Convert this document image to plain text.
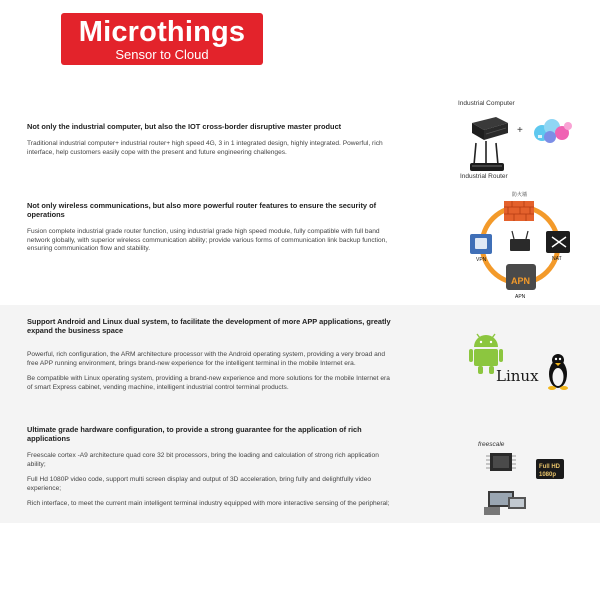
Microthings
Sensor to Cloud
Not only the industrial computer, but also the IOT cross-border disruptive master product
Traditional industrial computer+ industrial router+ high speed 4G, 3 in 1 integrated design, highly integrated. Powerful, rich interface, help customers easily cope with the present and future engineering challenges.
Industrial Computer
+
Industrial Router
Not only wireless communications, but also more powerful router features to ensure the security of operations
Fusion complete industrial grade router function, using industrial grade high speed module, fully compatible with full band network globally, with superior wireless communication ability; provide various forms of communication link backup function, ensuring communication flow and stability.
防火墙
VPN	NAT
APN
APN
Support Android and Linux dual system, to facilitate the development of more APP applications, greatly expand the business space
Powerful, rich configuration, the ARM architecture processor with the Android operating system, providing a very broad and free APP running environment, brings brand-new experience for the intelligent terminal in the mobile Internet era.
Be compatible with Linux operating system, providing a brand-new experience and more solutions for the mobile Internet era of smart Express cabinet, vending machine, intelligent industrial control terminal products.
Linux
Ultimate grade hardware configuration, to provide a strong guarantee for the application of rich applications
Freescale cortex -A9 architecture quad core 32 bit processors, bring the loading and calculation of strong rich application ability;
Full Hd 1080P video code, support multi screen display and output of 3D acceleration, bring fully and delightfully video experience;
Rich interface, to meet the current main intelligent terminal industry equipped with more interactive sensing of the peripheral;
freescale
Full HD
1080p
